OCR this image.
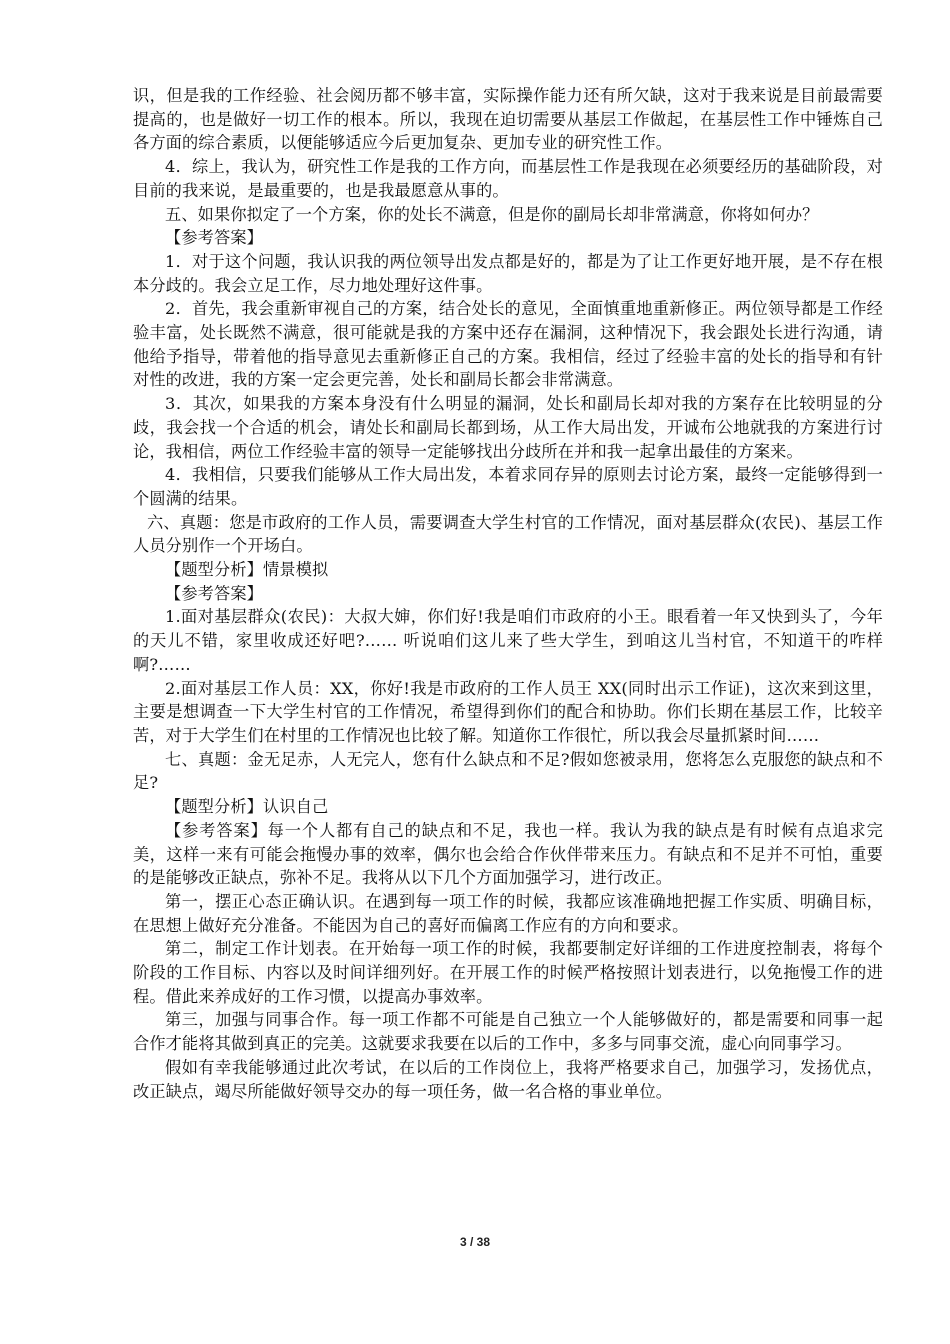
识，但是我的工作经验、社会阅历都不够丰富，实际操作能力还有所欠缺，这对于我来说是目前最需要提高的，也是做好一切工作的根本。所以，我现在迫切需要从基层工作做起，在基层性工作中锤炼自己各方面的综合素质，以便能够适应今后更加复杂、更加专业的研究性工作。

4．综上，我认为，研究性工作是我的工作方向，而基层性工作是我现在必须要经历的基础阶段，对目前的我来说，是最重要的，也是我最愿意从事的。

五、如果你拟定了一个方案，你的处长不满意，但是你的副局长却非常满意，你将如何办？

【参考答案】

1．对于这个问题，我认识我的两位领导出发点都是好的，都是为了让工作更好地开展，是不存在根本分歧的。我会立足工作，尽力地处理好这件事。

2．首先，我会重新审视自己的方案，结合处长的意见，全面慎重地重新修正。两位领导都是工作经验丰富，处长既然不满意，很可能就是我的方案中还存在漏洞，这种情况下，我会跟处长进行沟通，请他给予指导，带着他的指导意见去重新修正自己的方案。我相信，经过了经验丰富的处长的指导和有针对性的改进，我的方案一定会更完善，处长和副局长都会非常满意。

3．其次，如果我的方案本身没有什么明显的漏洞，处长和副局长却对我的方案存在比较明显的分歧，我会找一个合适的机会，请处长和副局长都到场，从工作大局出发，开诚布公地就我的方案进行讨论，我相信，两位工作经验丰富的领导一定能够找出分歧所在并和我一起拿出最佳的方案来。

4．我相信，只要我们能够从工作大局出发，本着求同存异的原则去讨论方案，最终一定能够得到一个圆满的结果。

六、真题：您是市政府的工作人员，需要调查大学生村官的工作情况，面对基层群众(农民)、基层工作人员分别作一个开场白。

【题型分析】情景模拟

【参考答案】

1.面对基层群众(农民)：大叔大婶，你们好!我是咱们市政府的小王。眼看着一年又快到头了，今年的天儿不错，家里收成还好吧?…… 听说咱们这儿来了些大学生，到咱这儿当村官，不知道干的咋样啊?……

2.面对基层工作人员：XX，你好!我是市政府的工作人员王 XX(同时出示工作证)，这次来到这里，主要是想调查一下大学生村官的工作情况，希望得到你们的配合和协助。你们长期在基层工作，比较辛苦，对于大学生们在村里的工作情况也比较了解。知道你工作很忙，所以我会尽量抓紧时间……

七、真题：金无足赤，人无完人，您有什么缺点和不足?假如您被录用，您将怎么克服您的缺点和不足?

【题型分析】认识自己

【参考答案】每一个人都有自己的缺点和不足，我也一样。我认为我的缺点是有时候有点追求完美，这样一来有可能会拖慢办事的效率，偶尔也会给合作伙伴带来压力。有缺点和不足并不可怕，重要的是能够改正缺点，弥补不足。我将从以下几个方面加强学习，进行改正。

第一，摆正心态正确认识。在遇到每一项工作的时候，我都应该准确地把握工作实质、明确目标，在思想上做好充分准备。不能因为自己的喜好而偏离工作应有的方向和要求。

第二，制定工作计划表。在开始每一项工作的时候，我都要制定好详细的工作进度控制表，将每个阶段的工作目标、内容以及时间详细列好。在开展工作的时候严格按照计划表进行，以免拖慢工作的进程。借此来养成好的工作习惯，以提高办事效率。

第三，加强与同事合作。每一项工作都不可能是自己独立一个人能够做好的，都是需要和同事一起合作才能将其做到真正的完美。这就要求我要在以后的工作中，多多与同事交流，虚心向同事学习。

假如有幸我能够通过此次考试，在以后的工作岗位上，我将严格要求自己，加强学习，发扬优点，改正缺点，竭尽所能做好领导交办的每一项任务，做一名合格的事业单位。

3 / 38
